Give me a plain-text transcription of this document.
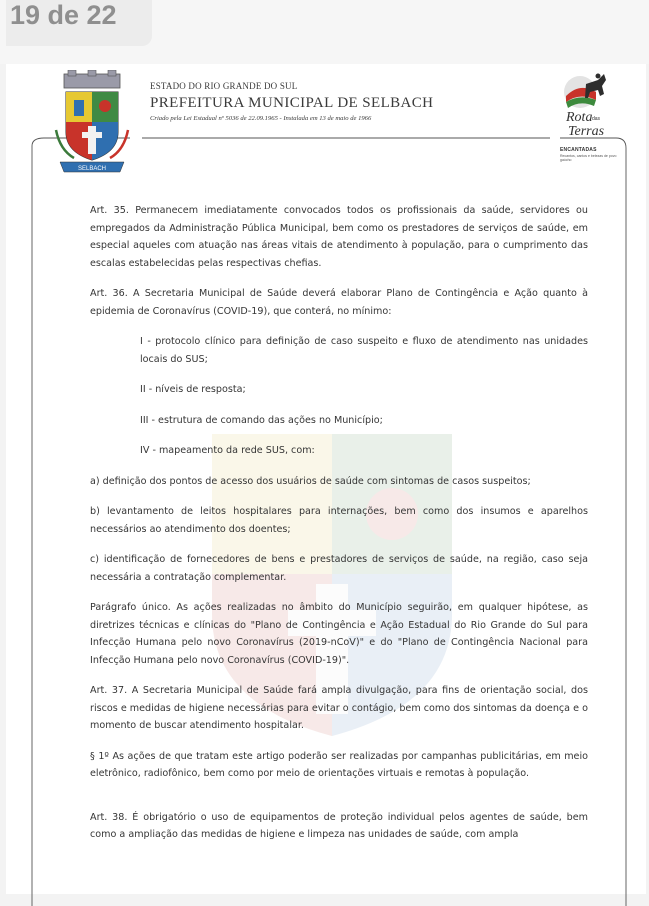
19 de 22
SELBACH
ESTADO DO RIO GRANDE DO SUL
PREFEITURA MUNICIPAL DE SELBACH
Criado pela Lei Estadual nº 5036 de 22.09.1965 - Instalada em 13 de maio de 1966	Rota das
Terras
ENCANTADAS
Recantos, cantos e belezas de povo gaúcho
Art. 35. Permanecem imediatamente convocados todos os profissionais da saúde, servidores ou empregados da Administração Pública Municipal, bem como os prestadores de serviços de saúde, em especial aqueles com atuação nas áreas vitais de atendimento à população, para o cumprimento das escalas estabelecidas pelas respectivas chefias.
Art. 36. A Secretaria Municipal de Saúde deverá elaborar Plano de Contingência e Ação quanto à epidemia de Coronavírus (COVID-19), que conterá, no mínimo:
I - protocolo clínico para definição de caso suspeito e fluxo de atendimento nas unidades locais do SUS;
II - níveis de resposta;
III - estrutura de comando das ações no Município;
IV - mapeamento da rede SUS, com:
a) definição dos pontos de acesso dos usuários de saúde com sintomas de casos suspeitos;
b) levantamento de leitos hospitalares para internações, bem como dos insumos e aparelhos necessários ao atendimento dos doentes;
c) identificação de fornecedores de bens e prestadores de serviços de saúde, na região, caso seja necessária a contratação complementar.
Parágrafo único. As ações realizadas no âmbito do Município seguirão, em qualquer hipótese, as diretrizes técnicas e clínicas do "Plano de Contingência e Ação Estadual do Rio Grande do Sul para Infecção Humana pelo novo Coronavírus (2019-nCoV)" e do "Plano de Contingência Nacional para Infecção Humana pelo novo Coronavírus (COVID-19)".
Art. 37. A Secretaria Municipal de Saúde fará ampla divulgação, para fins de orientação social, dos riscos e medidas de higiene necessárias para evitar o contágio, bem como dos sintomas da doença e o momento de buscar atendimento hospitalar.
§ 1º As ações de que tratam este artigo poderão ser realizadas por campanhas publicitárias, em meio eletrônico, radiofônico, bem como por meio de orientações virtuais e remotas à população.
Art. 38. É obrigatório o uso de equipamentos de proteção individual pelos agentes de saúde, bem como a ampliação das medidas de higiene e limpeza nas unidades de saúde, com ampla
